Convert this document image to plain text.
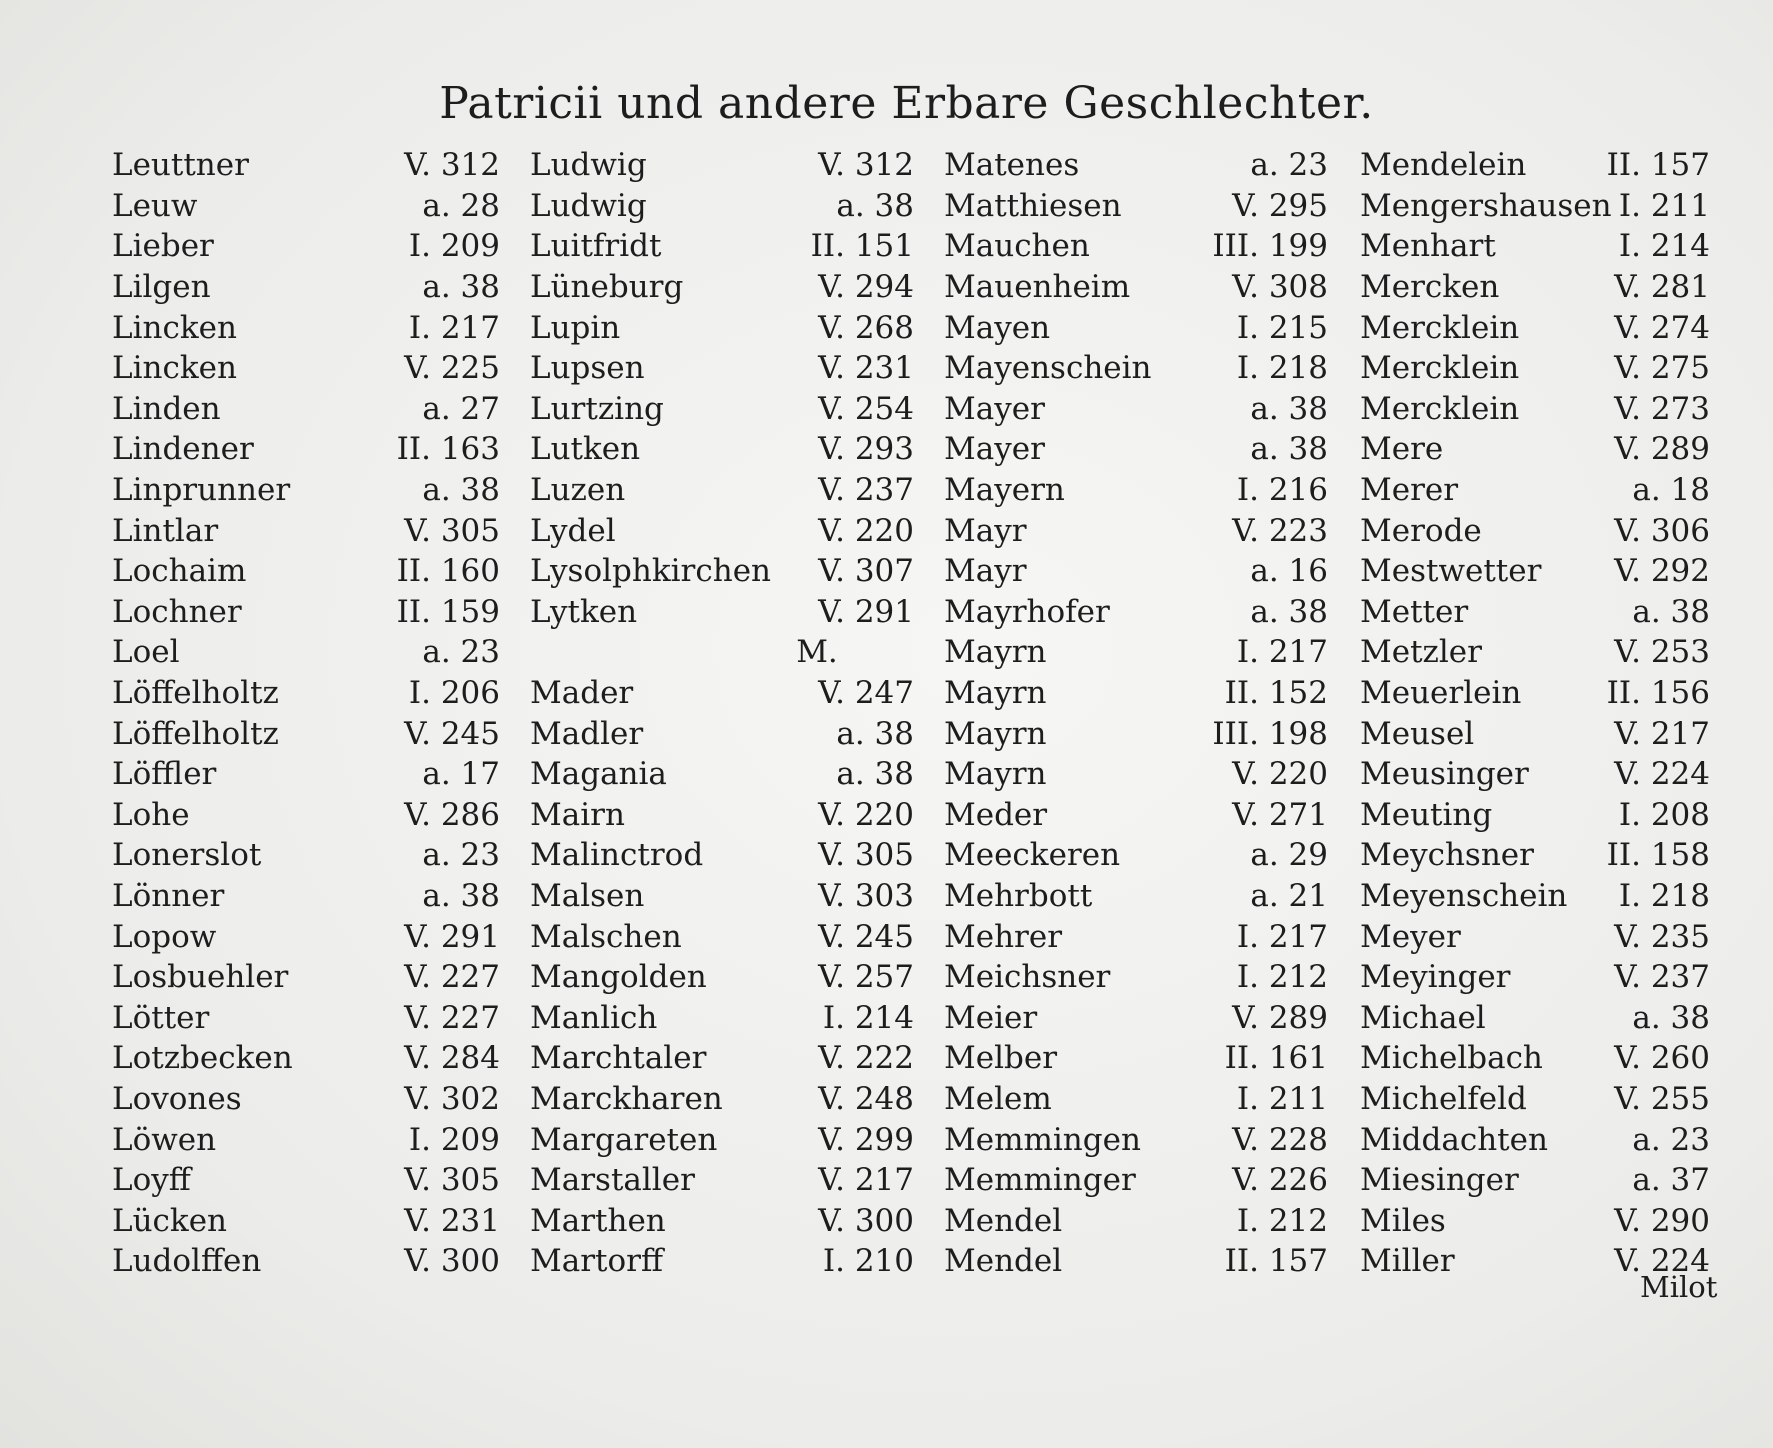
Patricii und andere Erbare Geschlechter.
Leuttner	V. 312
Leuw	a. 28
Lieber	I. 209
Lilgen	a. 38
Lincken	I. 217
Lincken	V. 225
Linden	a. 27
Lindener	II. 163
Linprunner	a. 38
Lintlar	V. 305
Lochaim	II. 160
Lochner	II. 159
Loel	a. 23
Löffelholtz	I. 206
Löffelholtz	V. 245
Löffler	a. 17
Lohe	V. 286
Lonerslot	a. 23
Lönner	a. 38
Lopow	V. 291
Losbuehler	V. 227
Lötter	V. 227
Lotzbecken	V. 284
Lovones	V. 302
Löwen	I. 209
Loyff	V. 305
Lücken	V. 231
Ludolffen	V. 300
Ludwig	V. 312
Ludwig	a. 38
Luitfridt	II. 151
Lüneburg	V. 294
Lupin	V. 268
Lupsen	V. 231
Lurtzing	V. 254
Lutken	V. 293
Luzen	V. 237
Lydel	V. 220
Lysolphkirchen	V. 307
Lytken	V. 291
M.
Mader	V. 247
Madler	a. 38
Magania	a. 38
Mairn	V. 220
Malinctrod	V. 305
Malsen	V. 303
Malschen	V. 245
Mangolden	V. 257
Manlich	I. 214
Marchtaler	V. 222
Marckharen	V. 248
Margareten	V. 299
Marstaller	V. 217
Marthen	V. 300
Martorff	I. 210
Matenes	a. 23
Matthiesen	V. 295
Mauchen	III. 199
Mauenheim	V. 308
Mayen	I. 215
Mayenschein	I. 218
Mayer	a. 38
Mayer	a. 38
Mayern	I. 216
Mayr	V. 223
Mayr	a. 16
Mayrhofer	a. 38
Mayrn	I. 217
Mayrn	II. 152
Mayrn	III. 198
Mayrn	V. 220
Meder	V. 271
Meeckeren	a. 29
Mehrbott	a. 21
Mehrer	I. 217
Meichsner	I. 212
Meier	V. 289
Melber	II. 161
Melem	I. 211
Memmingen	V. 228
Memminger	V. 226
Mendel	I. 212
Mendel	II. 157
Mendelein	II. 157
Mengershausen I. 211
Menhart	I. 214
Mercken	V. 281
Mercklein	V. 274
Mercklein	V. 275
Mercklein	V. 273
Mere	V. 289
Merer	a. 18
Merode	V. 306
Mestwetter	V. 292
Metter	a. 38
Metzler	V. 253
Meuerlein	II. 156
Meusel	V. 217
Meusinger	V. 224
Meuting	I. 208
Meychsner	II. 158
Meyenschein	I. 218
Meyer	V. 235
Meyinger	V. 237
Michael	a. 38
Michelbach	V. 260
Michelfeld	V. 255
Middachten	a. 23
Miesinger	a. 37
Miles	V. 290
Miller	V. 224
Milot
